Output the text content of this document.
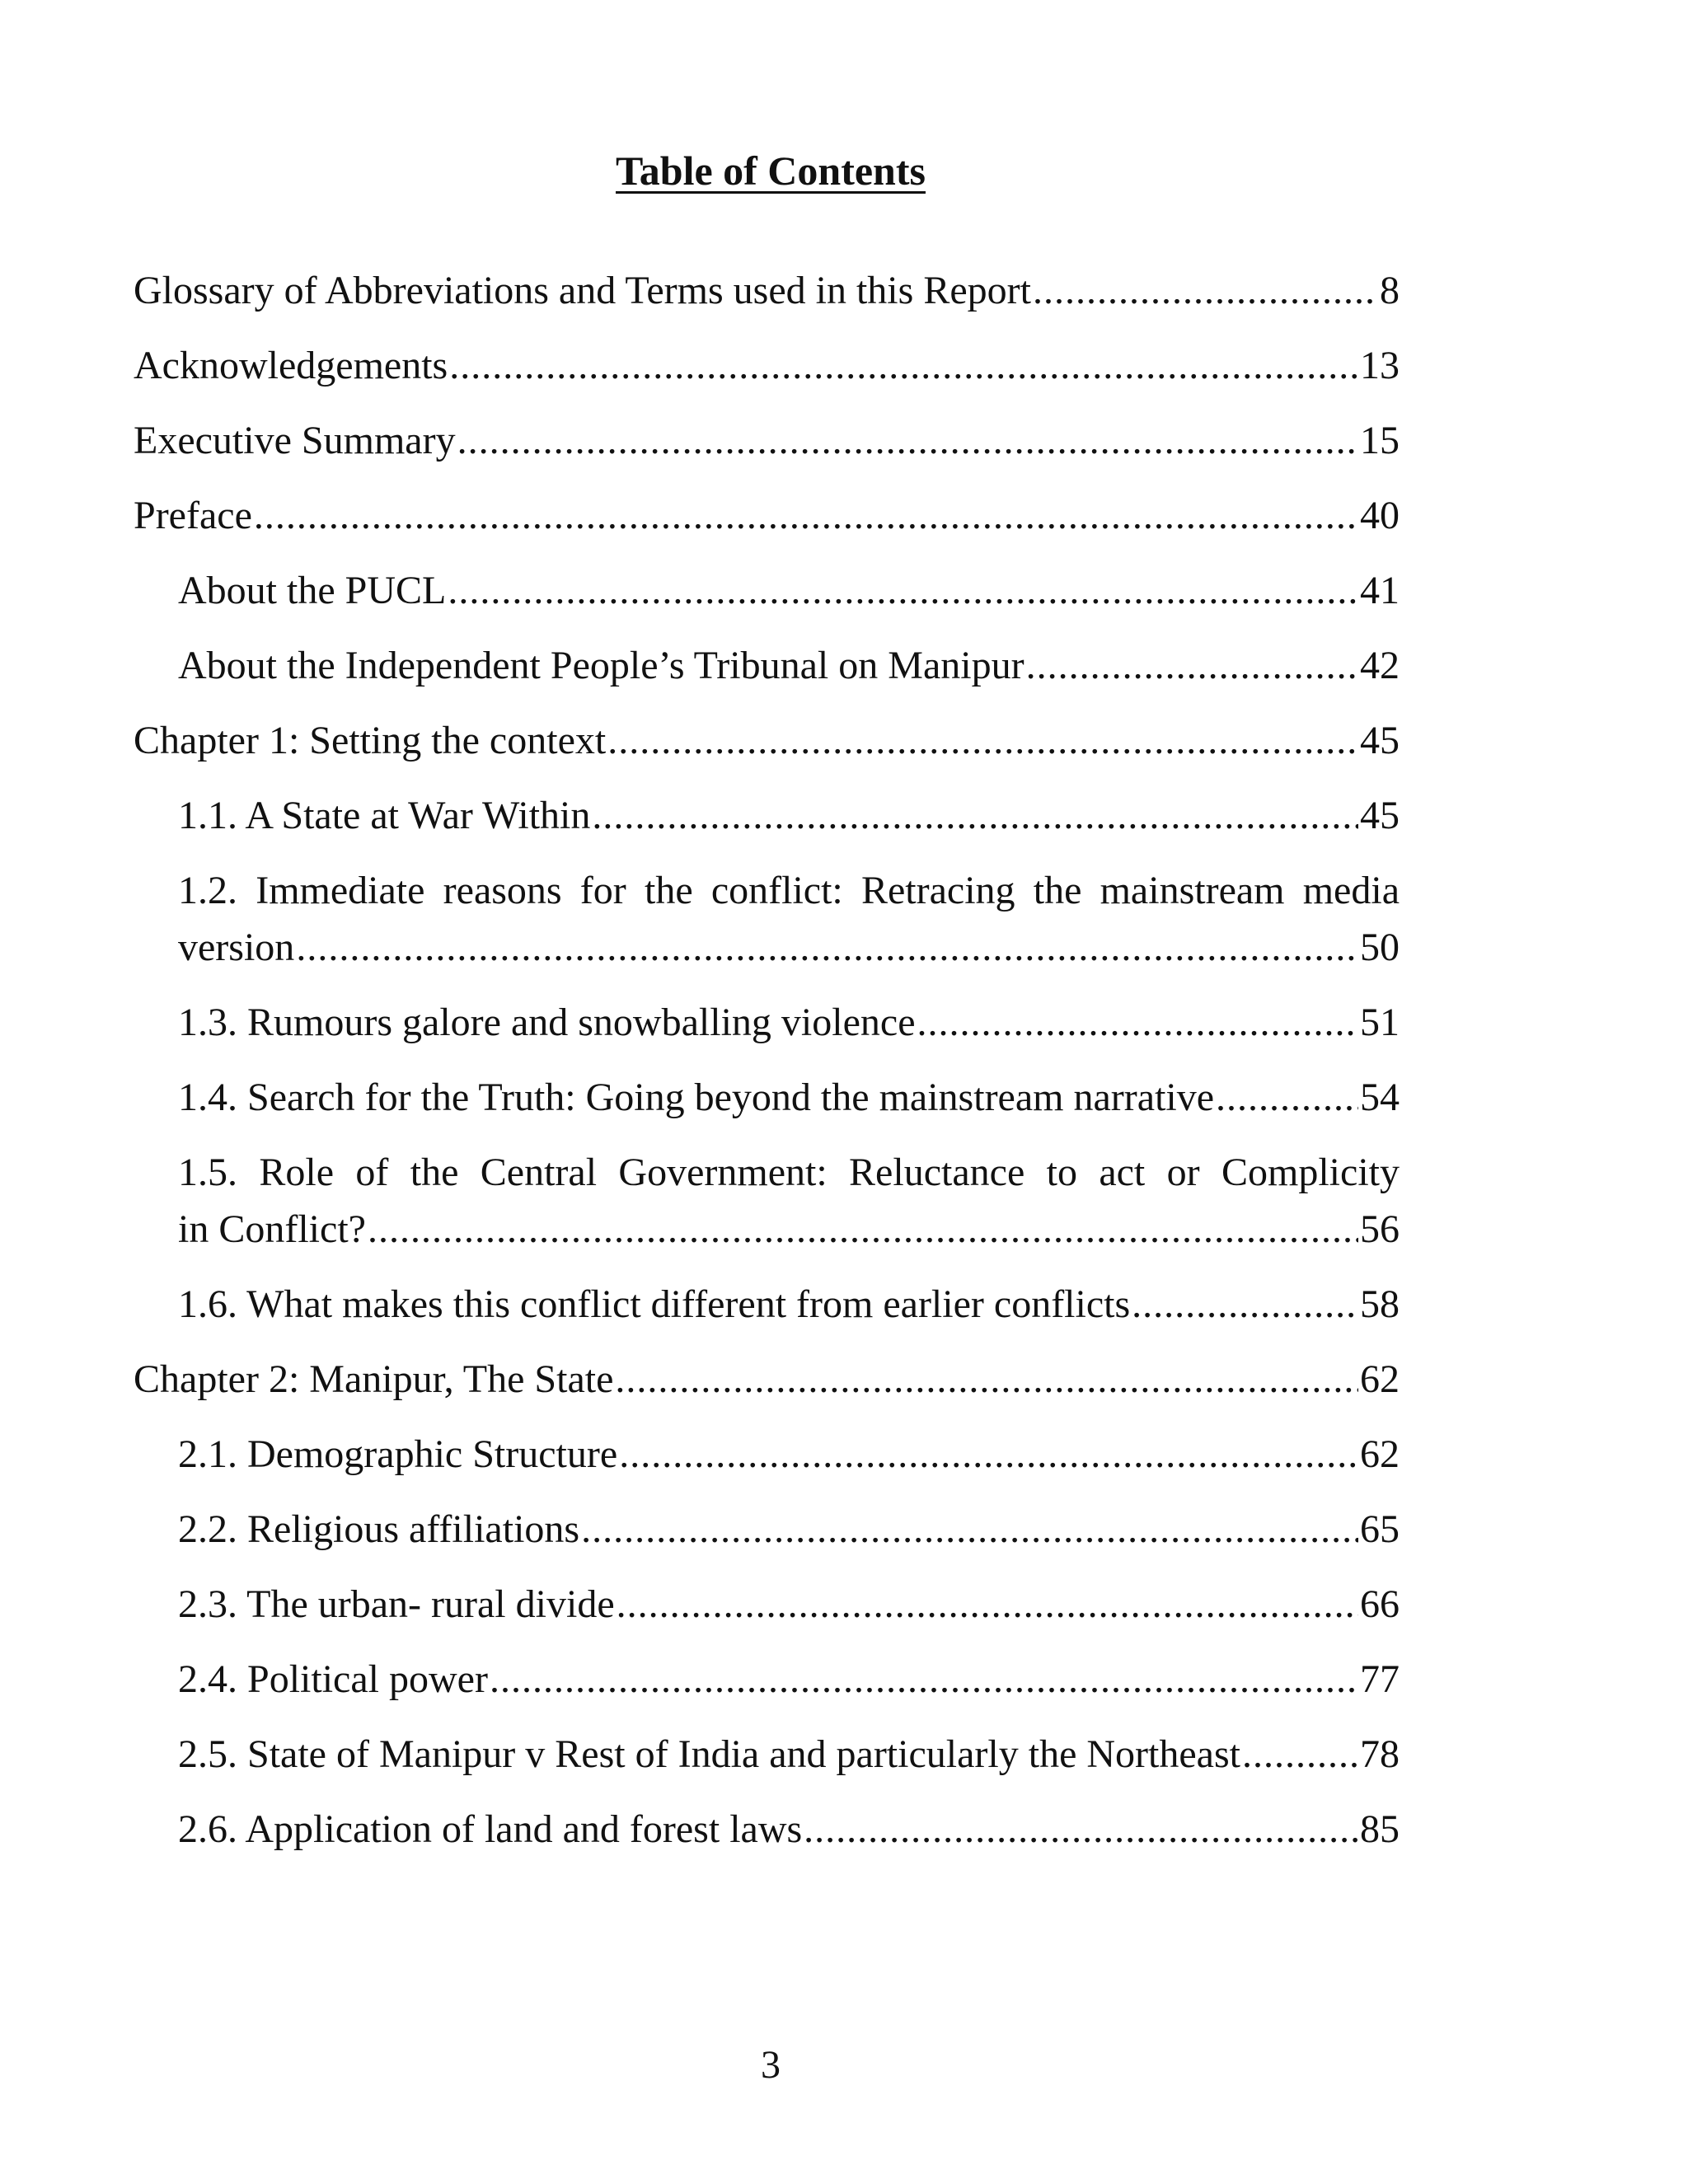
Table of Contents
Glossary of Abbreviations and Terms used in this Report .....	8
Acknowledgements .....	13
Executive Summary .....	15
Preface .....	40
About the PUCL .....	41
About the Independent People’s Tribunal on Manipur .....	42
Chapter 1: Setting the context .....	45
1.1. A State at War Within .....	45
1.2. Immediate reasons for the conflict: Retracing the mainstream media
version .....	50
1.3. Rumours galore and snowballing violence .....	51
1.4. Search for the Truth: Going beyond the mainstream narrative .....	54
1.5. Role of the Central Government: Reluctance to act or Complicity
in Conflict? .....	56
1.6. What makes this conflict different from earlier conflicts .....	58
Chapter 2: Manipur, The State .....	62
2.1. Demographic Structure .....	62
2.2. Religious affiliations .....	65
2.3. The urban- rural divide .....	66
2.4. Political power .....	77
2.5. State of Manipur v Rest of India and particularly the Northeast .....	78
2.6. Application of land and forest laws .....	85
3
